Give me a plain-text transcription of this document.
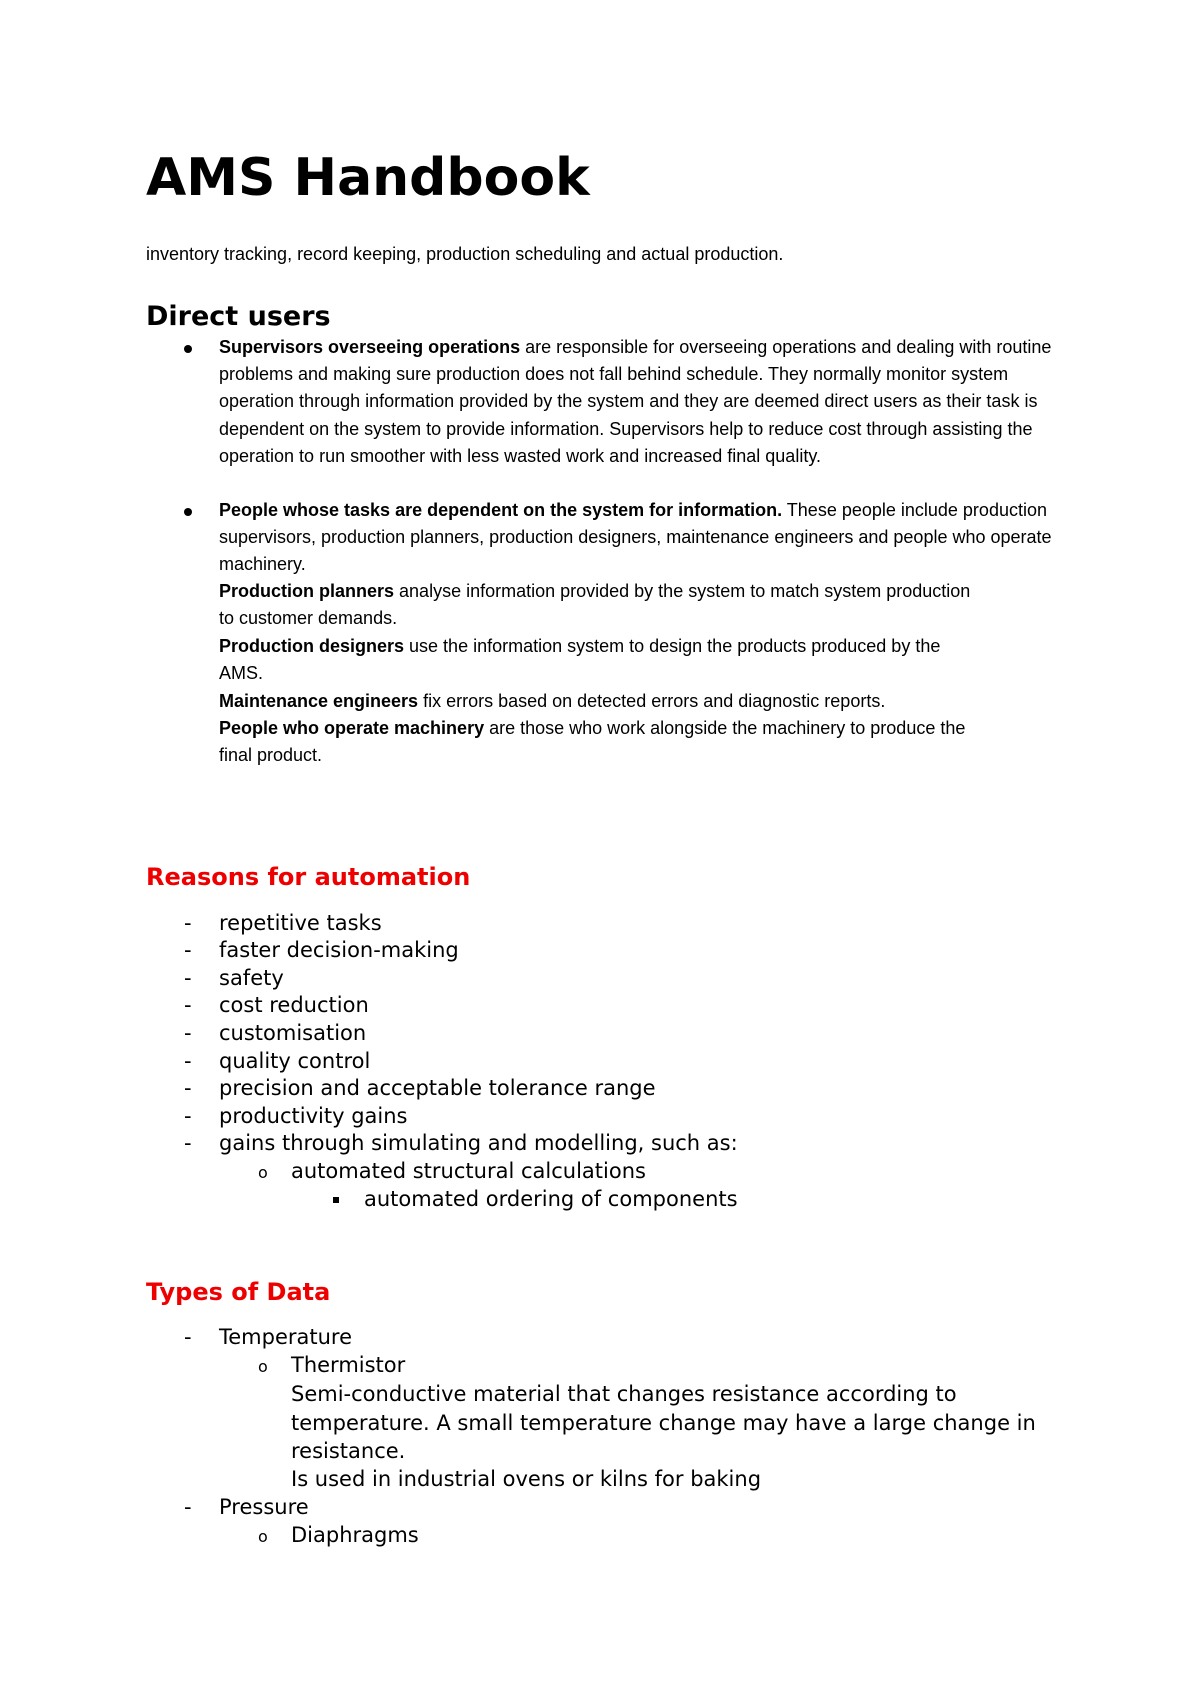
AMS Handbook
inventory tracking, record keeping, production scheduling and actual production.
Direct users

Supervisors overseeing operations are responsible for overseeing operations and dealing with routine problems and making sure production does not fall behind schedule. They normally monitor system operation through information provided by the system and they are deemed direct users as their task is dependent on the system to provide information. Supervisors help to reduce cost through assisting the operation to run smoother with less wasted work and increased final quality.

People whose tasks are dependent on the system for information. These people include production supervisors, production planners, production designers, maintenance engineers and people who operate machinery.

Production planners analyse information provided by the system to match system production to customer demands.

Production designers use the information system to design the products produced by the AMS.

Maintenance engineers fix errors based on detected errors and diagnostic reports.

People who operate machinery are those who work alongside the machinery to produce the final product.

Reasons for automation
- repetitive tasks
- faster decision-making
- safety
- cost reduction
- customisation
- quality control
- precision and acceptable tolerance range
- productivity gains
- gains through simulating and modelling, such as:
o automated structural calculations
automated ordering of components
Types of Data
- Temperature
o Thermistor
Semi-conductive material that changes resistance according to temperature. A small temperature change may have a large change in resistance.
Is used in industrial ovens or kilns for baking
- Pressure
o Diaphragms
